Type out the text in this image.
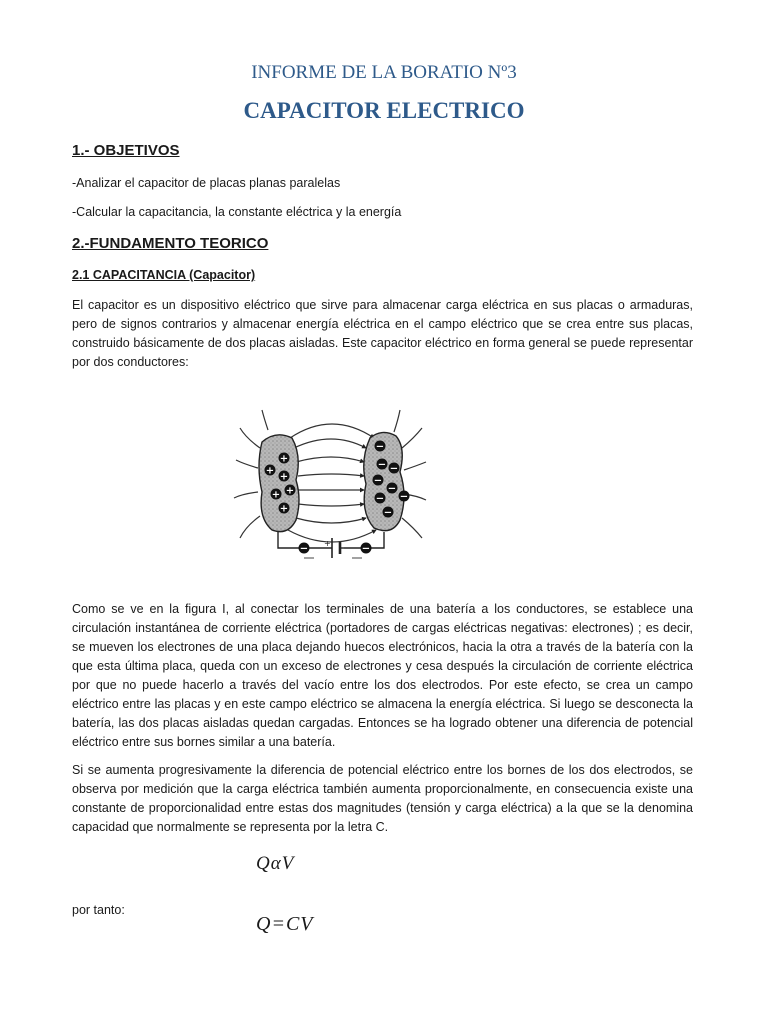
INFORME DE LA BORATIO Nº3
CAPACITOR ELECTRICO
1.- OBJETIVOS
-Analizar el capacitor de placas planas paralelas
-Calcular la capacitancia, la constante eléctrica y la energía
2.-FUNDAMENTO TEORICO
2.1 CAPACITANCIA (Capacitor)
El capacitor es un dispositivo eléctrico que sirve para almacenar carga eléctrica en sus placas o armaduras, pero de signos contrarios y almacenar energía eléctrica en el campo eléctrico que se crea entre sus placas, construido básicamente de dos placas aisladas. Este capacitor eléctrico en forma general se puede representar por dos conductores:
+
+
+
+
+
+
−
− −
−
−
− −
−
−	−
+
Como se ve en la figura I, al conectar los terminales de una batería a los conductores, se establece una circulación instantánea de corriente eléctrica (portadores de cargas eléctricas negativas: electrones) ; es decir, se mueven los electrones de una placa dejando huecos electrónicos, hacia la otra a través de la batería con la que esta última placa, queda con un exceso de electrones y cesa después la circulación de corriente eléctrica por que no puede hacerlo a través del vacío entre los dos electrodos. Por este efecto, se crea un campo eléctrico entre las placas y en este campo eléctrico se almacena la energía eléctrica. Si luego se desconecta la batería, las dos placas aisladas quedan cargadas. Entonces se ha logrado obtener una diferencia de potencial eléctrico entre sus bornes similar a una batería.
Si se aumenta progresivamente la diferencia de potencial eléctrico entre los bornes de los dos electrodos, se observa por medición que la carga eléctrica también aumenta proporcionalmente, en consecuencia existe una constante de proporcionalidad entre estas dos magnitudes (tensión y carga eléctrica) a la que se la denomina capacidad que normalmente se representa por la letra C.
QαV
por tanto:
Q=CV
